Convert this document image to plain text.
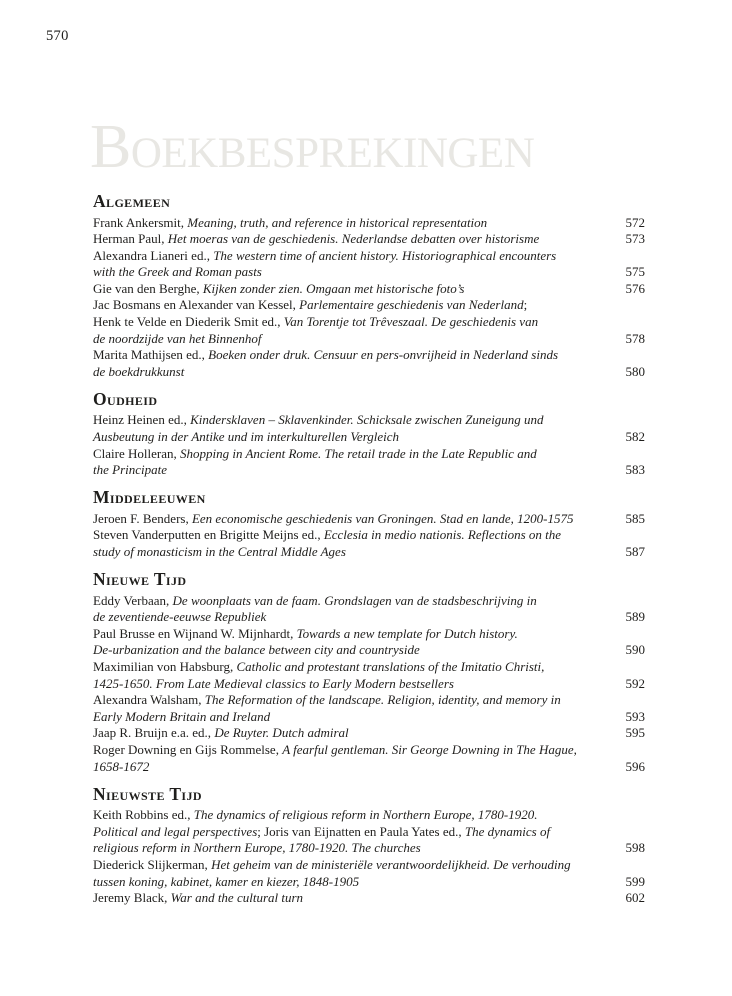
570
Boekbesprekingen
Algemeen
Frank Ankersmit, Meaning, truth, and reference in historical representation	572
Herman Paul, Het moeras van de geschiedenis. Nederlandse debatten over historisme	573
Alexandra Lianeri ed., The western time of ancient history. Historiographical encounters
with the Greek and Roman pasts	575
Gie van den Berghe, Kijken zonder zien. Omgaan met historische foto’s	576
Jac Bosmans en Alexander van Kessel, Parlementaire geschiedenis van Nederland;
Henk te Velde en Diederik Smit ed., Van Torentje tot Trêveszaal. De geschiedenis van
de noordzijde van het Binnenhof	578
Marita Mathijsen ed., Boeken onder druk. Censuur en pers-onvrijheid in Nederland sinds
de boekdrukkunst	580
Oudheid
Heinz Heinen ed., Kindersklaven – Sklavenkinder. Schicksale zwischen Zuneigung und
Ausbeutung in der Antike und im interkulturellen Vergleich	582
Claire Holleran, Shopping in Ancient Rome. The retail trade in the Late Republic and
the Principate	583
Middeleeuwen
Jeroen F. Benders, Een economische geschiedenis van Groningen. Stad en lande, 1200-1575	585
Steven Vanderputten en Brigitte Meijns ed., Ecclesia in medio nationis. Reflections on the
study of monasticism in the Central Middle Ages	587
Nieuwe Tijd
Eddy Verbaan, De woonplaats van de faam. Grondslagen van de stadsbeschrijving in
de zeventiende-eeuwse Republiek	589
Paul Brusse en Wijnand W. Mijnhardt, Towards a new template for Dutch history.
De-urbanization and the balance between city and countryside	590
Maximilian von Habsburg, Catholic and protestant translations of the Imitatio Christi,
1425-1650. From Late Medieval classics to Early Modern bestsellers	592
Alexandra Walsham, The Reformation of the landscape. Religion, identity, and memory in
Early Modern Britain and Ireland	593
Jaap R. Bruijn e.a. ed., De Ruyter. Dutch admiral	595
Roger Downing en Gijs Rommelse, A fearful gentleman. Sir George Downing in The Hague,
1658-1672	596
Nieuwste Tijd
Keith Robbins ed., The dynamics of religious reform in Northern Europe, 1780-1920.
Political and legal perspectives; Joris van Eijnatten en Paula Yates ed., The dynamics of
religious reform in Northern Europe, 1780-1920. The churches	598
Diederick Slijkerman, Het geheim van de ministeriële verantwoordelijkheid. De verhouding
tussen koning, kabinet, kamer en kiezer, 1848-1905	599
Jeremy Black, War and the cultural turn	602
